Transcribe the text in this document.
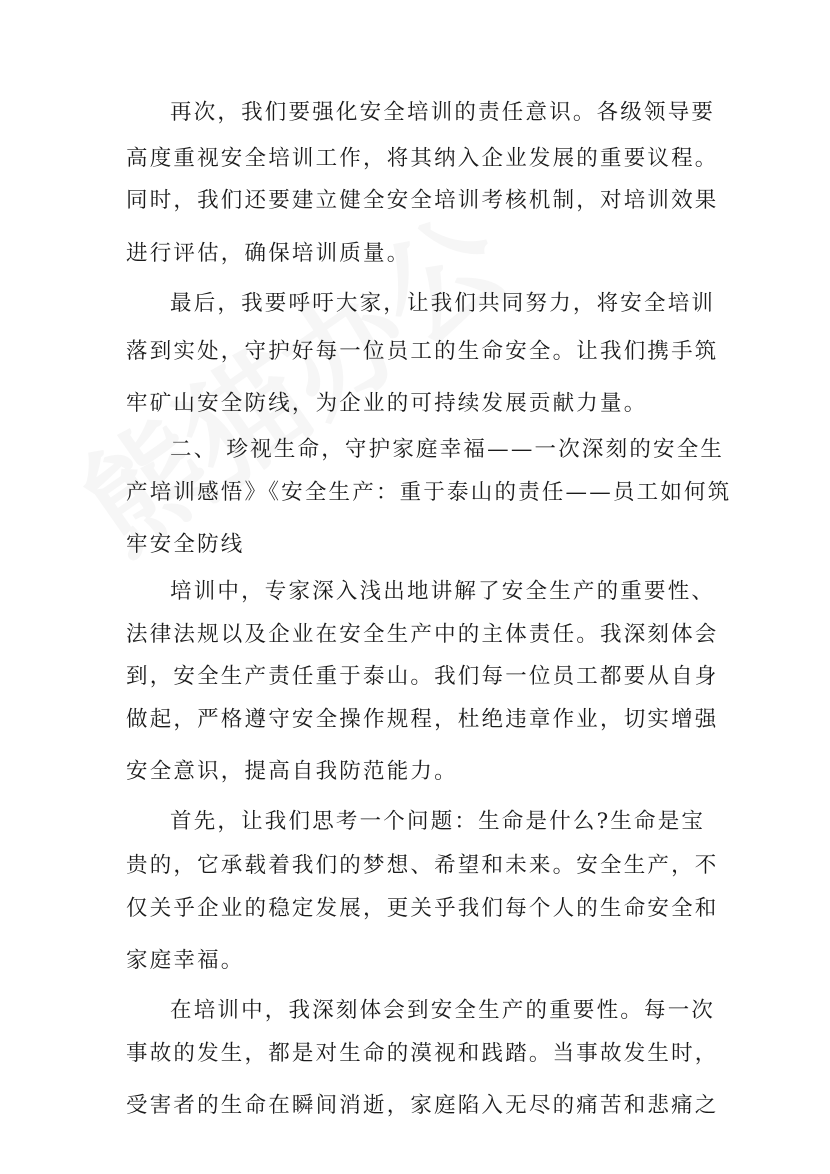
再次，我们要强化安全培训的责任意识。各级领导要
高度重视安全培训工作，将其纳入企业发展的重要议程。
同时，我们还要建立健全安全培训考核机制，对培训效果
进行评估，确保培训质量。
最后，我要呼吁大家，让我们共同努力，将安全培训
落到实处，守护好每一位员工的生命安全。让我们携手筑
牢矿山安全防线，为企业的可持续发展贡献力量。
二、 珍视生命，守护家庭幸福——一次深刻的安全生
产培训感悟》《安全生产：重于泰山的责任——员工如何筑
牢安全防线
培训中，专家深入浅出地讲解了安全生产的重要性、
法律法规以及企业在安全生产中的主体责任。我深刻体会
到，安全生产责任重于泰山。我们每一位员工都要从自身
做起，严格遵守安全操作规程，杜绝违章作业，切实增强
安全意识，提高自我防范能力。
首先，让我们思考一个问题：生命是什么?生命是宝
贵的，它承载着我们的梦想、希望和未来。安全生产，不
仅关乎企业的稳定发展，更关乎我们每个人的生命安全和
家庭幸福。
在培训中，我深刻体会到安全生产的重要性。每一次
事故的发生，都是对生命的漠视和践踏。当事故发生时，
受害者的生命在瞬间消逝，家庭陷入无尽的痛苦和悲痛之
